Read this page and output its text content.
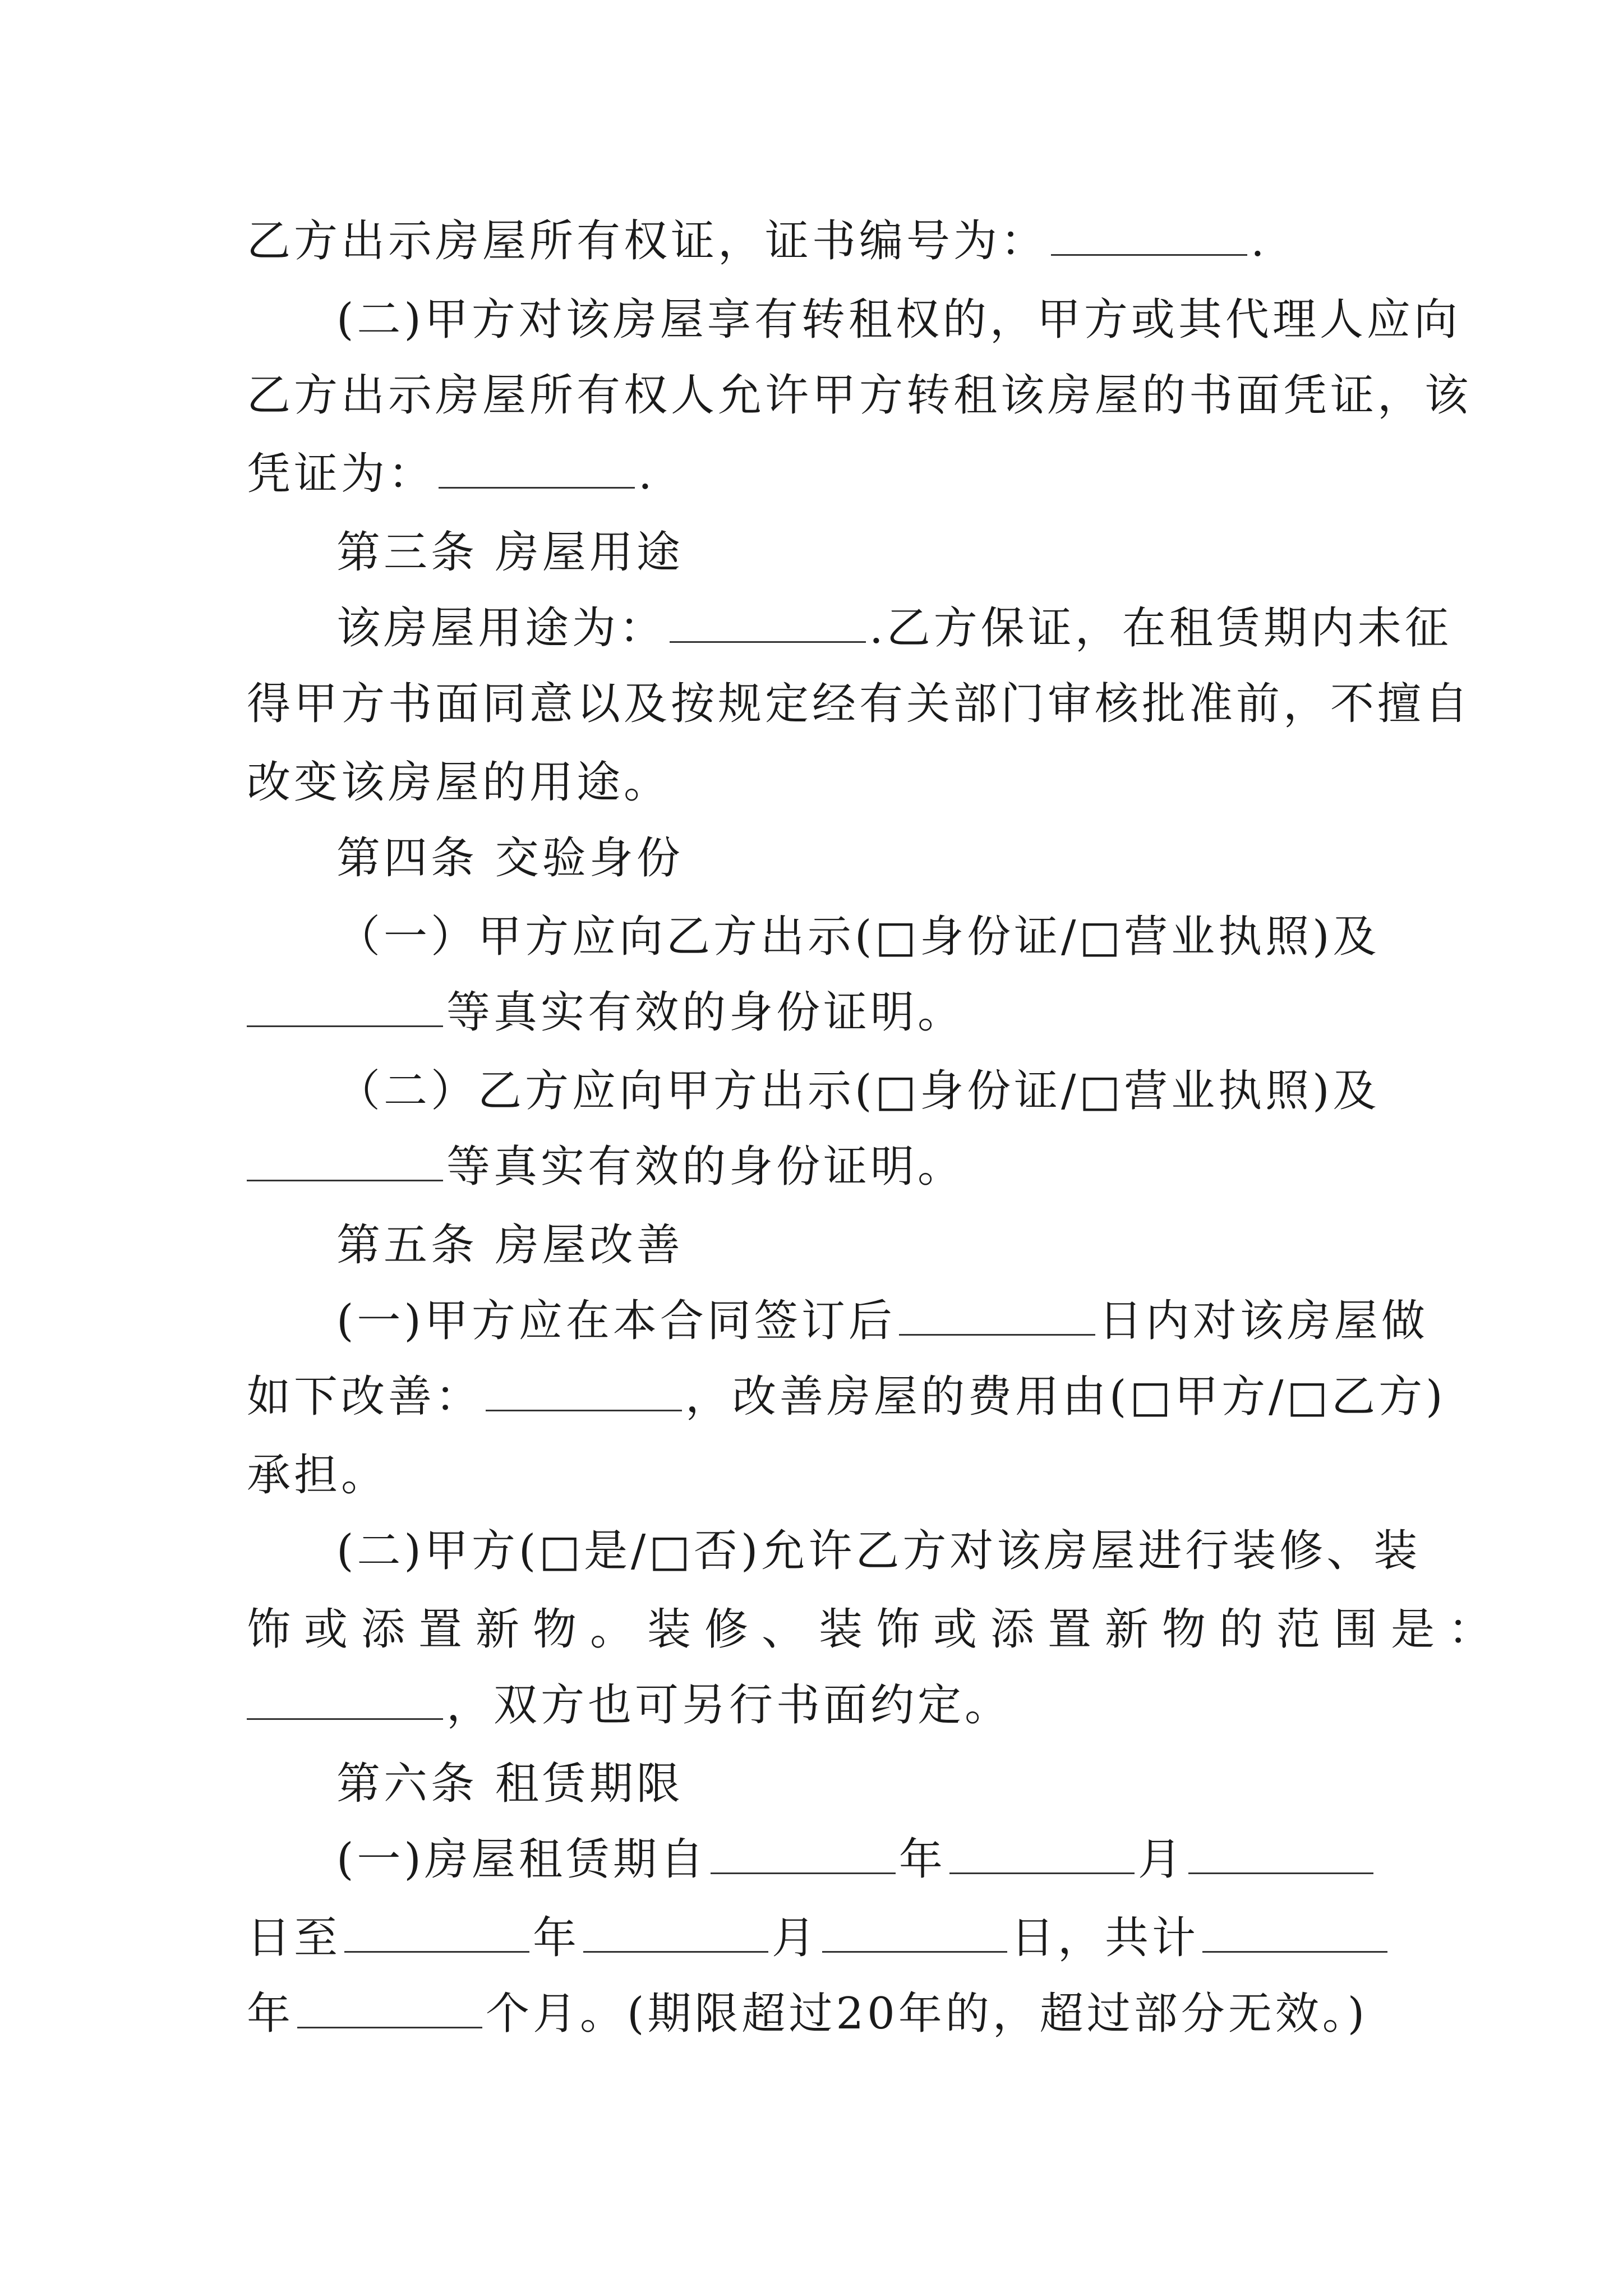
乙方出示房屋所有权证，证书编号为：	.
(二)甲方对该房屋享有转租权的，甲方或其代理人应向
乙方出示房屋所有权人允许甲方转租该房屋的书面凭证，该
凭证为：	.
第三条 房屋用途
该房屋用途为：	.乙方保证，在租赁期内未征
得甲方书面同意以及按规定经有关部门审核批准前，不擅自
改变该房屋的用途。
第四条 交验身份
（一）甲方应向乙方出示(□身份证/□营业执照)及
等真实有效的身份证明。
（二）乙方应向甲方出示(□身份证/□营业执照)及
等真实有效的身份证明。
第五条 房屋改善
(一)甲方应在本合同签订后	日内对该房屋做
如下改善：	，改善房屋的费用由(□甲方/□乙方)
承担。
(二)甲方(□是/□否)允许乙方对该房屋进行装修、装
饰或添置新物。装修、装饰或添置新物的范围是：
，双方也可另行书面约定。
第六条 租赁期限
(一)房屋租赁期自	年	月
日至	年	月	日，共计
年	个月。(期限超过20年的，超过部分无效。)
